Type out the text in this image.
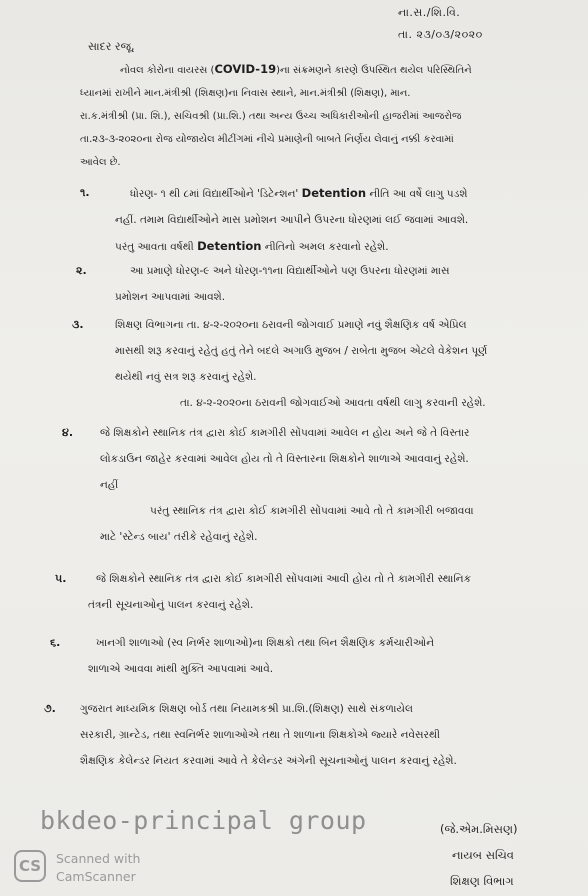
ના.સ./શિ.વિ.
તા. ૨૩/૦૩/૨૦૨૦
સાદર રજૂ,
નોવલ કોરોના વાયરસ (COVID-19)ના સંક્રમણને કારણે ઉપસ્થિત થયેલ પરિસ્થિતિને
ધ્યાનમાં રાખીને માન.મંત્રીશ્રી (શિક્ષણ)ના નિવાસ સ્થાને, માન.મંત્રીશ્રી (શિક્ષણ), માન.
રા.ક.મંત્રીશ્રી (પ્રા. શિ.), સચિવશ્રી (પ્રા.શિ.) તથા અન્ય ઉચ્ચ અધિકારીઓની હાજરીમાં આજરોજ
તા.૨૩-૩-૨૦૨૦ના રોજ યોજાયેલ મીટીંગમાં નીચે પ્રમાણેની બાબતે નિર્ણય લેવાનું નક્કી કરવામાં
આવેલ છે.
૧.	ધોરણ- ૧ થી ૮માં વિદ્યાર્થીઓને 'ડિટેન્શન' Detention નીતિ આ વર્ષે લાગુ પડશે
નહીં. તમામ વિદ્યાર્થીઓને માસ પ્રમોશન આપીને ઉપરના ધોરણમાં લઈ જવામાં આવશે.
પરંતુ આવતા વર્ષથી Detention નીતિનો અમલ કરવાનો રહેશે.
૨.	આ પ્રમાણે ધોરણ-૯ અને ધોરણ-૧૧ના વિદ્યાર્થીઓને પણ ઉપરના ધોરણમાં માસ
પ્રમોશન આપવામાં આવશે.
૩.	શિક્ષણ વિભાગના તા. ૪-૨-૨૦૨૦ના ઠરાવની જોગવાઈ પ્રમાણે નવું શૈક્ષણિક વર્ષ એપ્રિલ
માસથી શરૂ કરવાનું રહેતું હતું તેને બદલે અગાઉ મુજબ / રાબેતા મુજબ એટલે વેકેશન પૂર્ણ
થયેથી નવું સત્ર શરૂ કરવાનું રહેશે.
તા. ૪-૨-૨૦૨૦ના ઠરાવની જોગવાઈઓ આવતા વર્ષથી લાગુ કરવાની રહેશે.
૪.	જે શિક્ષકોને સ્થાનિક તંત્ર દ્વારા કોઈ કામગીરી સોંપવામાં આવેલ ન હોય અને જે તે વિસ્તાર
લોકડાઉન જાહેર કરવામાં આવેલ હોય તો તે વિસ્તારના શિક્ષકોને શાળાએ આવવાનું રહેશે.
નહીં
પરંતુ સ્થાનિક તંત્ર દ્વારા કોઈ કામગીરી સોંપવામાં આવે તો તે કામગીરી બજાવવા
માટે 'સ્ટેન્ડ બાય' તરીકે રહેવાનું રહેશે.
૫.	જે શિક્ષકોને સ્થાનિક તંત્ર દ્વારા કોઈ કામગીરી સોંપવામાં આવી હોય તો તે કામગીરી સ્થાનિક
તંત્રની સૂચનાઓનું પાલન કરવાનું રહેશે.
૬.	ખાનગી શાળાઓ (સ્વ નિર્ભર શાળાઓ)ના શિક્ષકો તથા બિન શૈક્ષણિક કર્મચારીઓને
શાળાએ આવવા માંથી મુક્તિ આપવામાં આવે.
૭. ગુજરાત માધ્યમિક શિક્ષણ બોર્ડ તથા નિયામકશ્રી પ્રા.શિ.(શિક્ષણ) સાથે સંકળાયેલ
સરકારી, ગ્રાન્ટેડ, તથા સ્વનિર્ભર શાળાઓએ તથા તે શાળાના શિક્ષકોએ જ્યારે નવેસરથી
શૈક્ષણિક કેલેન્ડર નિયત કરવામાં આવે તે કેલેન્ડર અંગેની સૂચનાઓનું પાલન કરવાનું રહેશે.
bkdeo-principal group	(જે.એમ.મિસણ)
નાયબ સચિવ
શિક્ષણ વિભાગ
CS	Scanned with
CamScanner
